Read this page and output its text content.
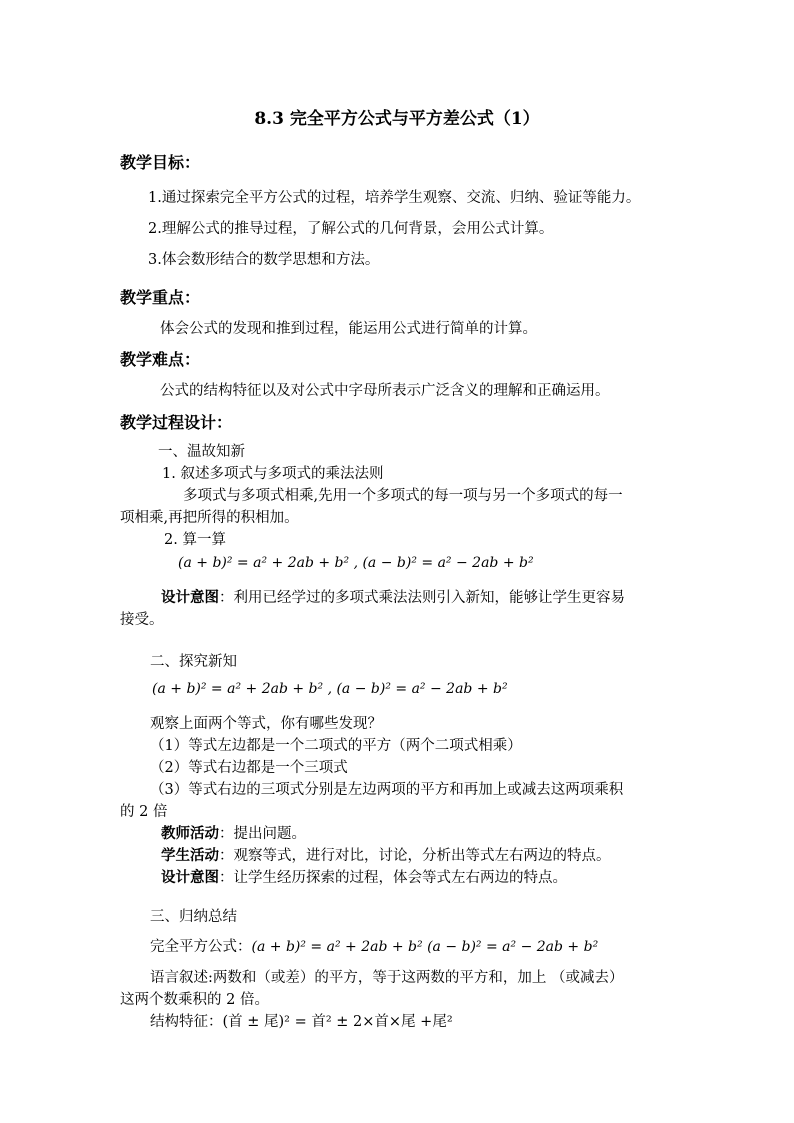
8.3 完全平方公式与平方差公式（1）
教学目标：
1.通过探索完全平方公式的过程，培养学生观察、交流、归纳、验证等能力。
2.理解公式的推导过程，了解公式的几何背景，会用公式计算。
3.体会数形结合的数学思想和方法。
教学重点：
体会公式的发现和推到过程，能运用公式进行简单的计算。
教学难点：
公式的结构特征以及对公式中字母所表示广泛含义的理解和正确运用。
教学过程设计：
一、温故知新
1. 叙述多项式与多项式的乘法法则
多项式与多项式相乘,先用一个多项式的每一项与另一个多项式的每一
项相乘,再把所得的积相加。
2. 算一算
(a + b)² = a² + 2ab + b² , (a − b)² = a² − 2ab + b²
设计意图：利用已经学过的多项式乘法法则引入新知，能够让学生更容易
接受。
二、探究新知
(a + b)² = a² + 2ab + b² , (a − b)² = a² − 2ab + b²
观察上面两个等式，你有哪些发现？
（1）等式左边都是一个二项式的平方（两个二项式相乘）
（2）等式右边都是一个三项式
（3）等式右边的三项式分别是左边两项的平方和再加上或减去这两项乘积
的 2 倍
教师活动：提出问题。
学生活动：观察等式，进行对比，讨论，分析出等式左右两边的特点。
设计意图：让学生经历探索的过程，体会等式左右两边的特点。
三、归纳总结
完全平方公式：(a + b)² = a² + 2ab + b² (a − b)² = a² − 2ab + b²
语言叙述:两数和（或差）的平方，等于这两数的平方和，加上 （或减去）
这两个数乘积的 2 倍。
结构特征：(首 ± 尾)² = 首² ± 2×首×尾 +尾²
